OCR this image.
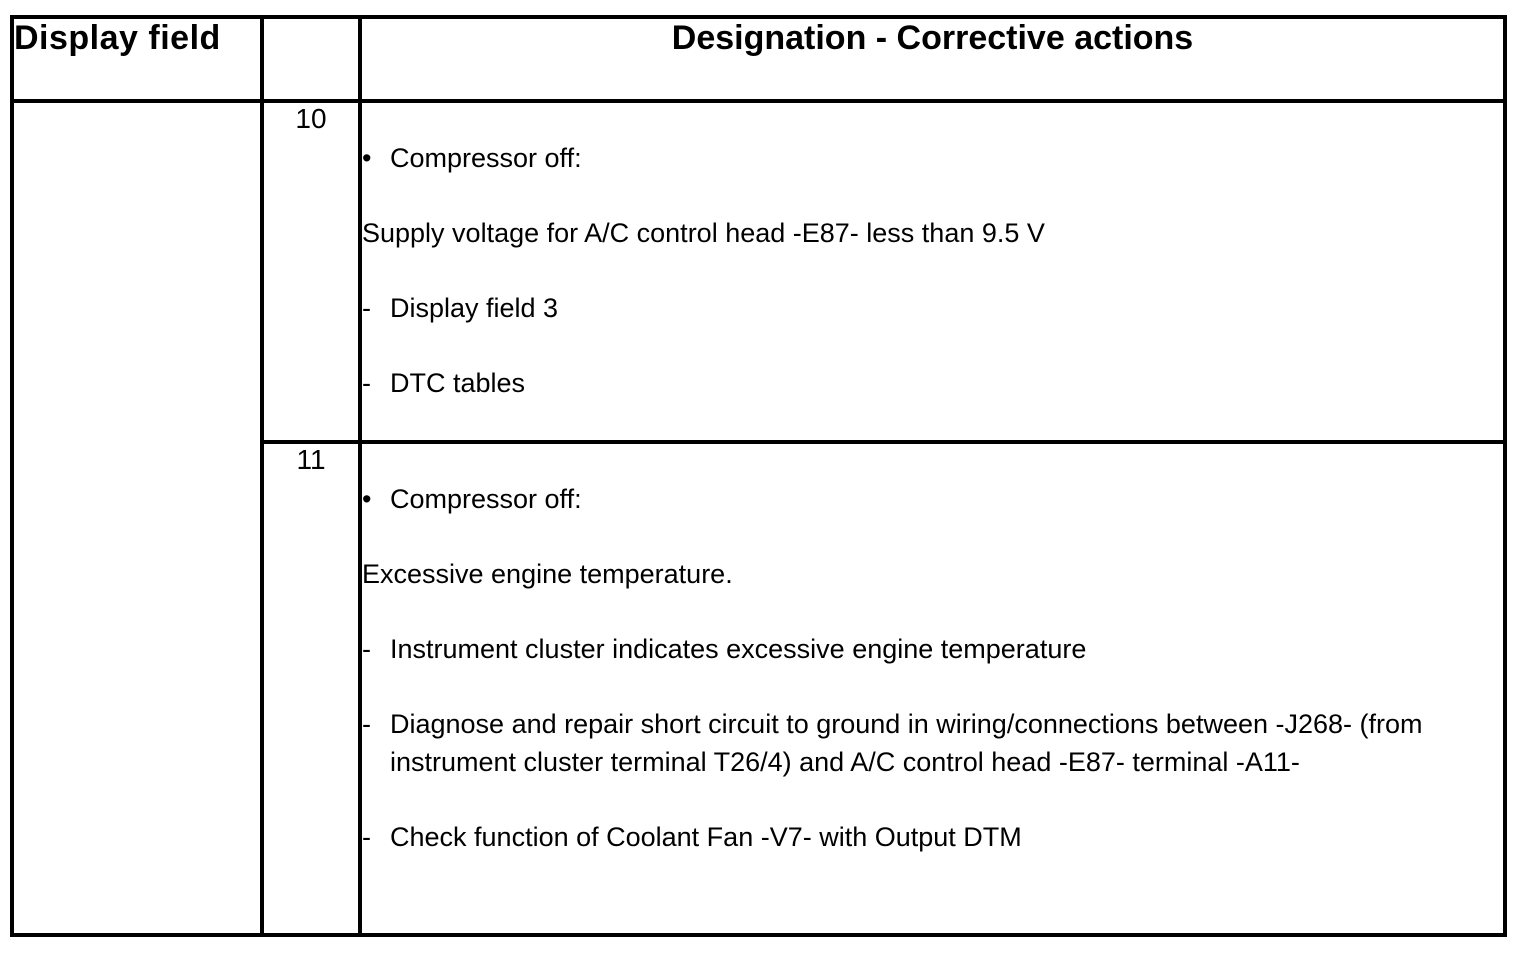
Display field		Designation - Corrective actions
	10	• Compressor off:
Supply voltage for A/C control head -E87- less than 9.5 V
- Display field 3
- DTC tables

	11	• Compressor off:
Excessive engine temperature.
- Instrument cluster indicates excessive engine temperature
- Diagnose and repair short circuit to ground in wiring/connections between -J268- (from instrument cluster terminal T26/4) and A/C control head -E87- terminal -A11-
- Check function of Coolant Fan -V7- with Output DTM
